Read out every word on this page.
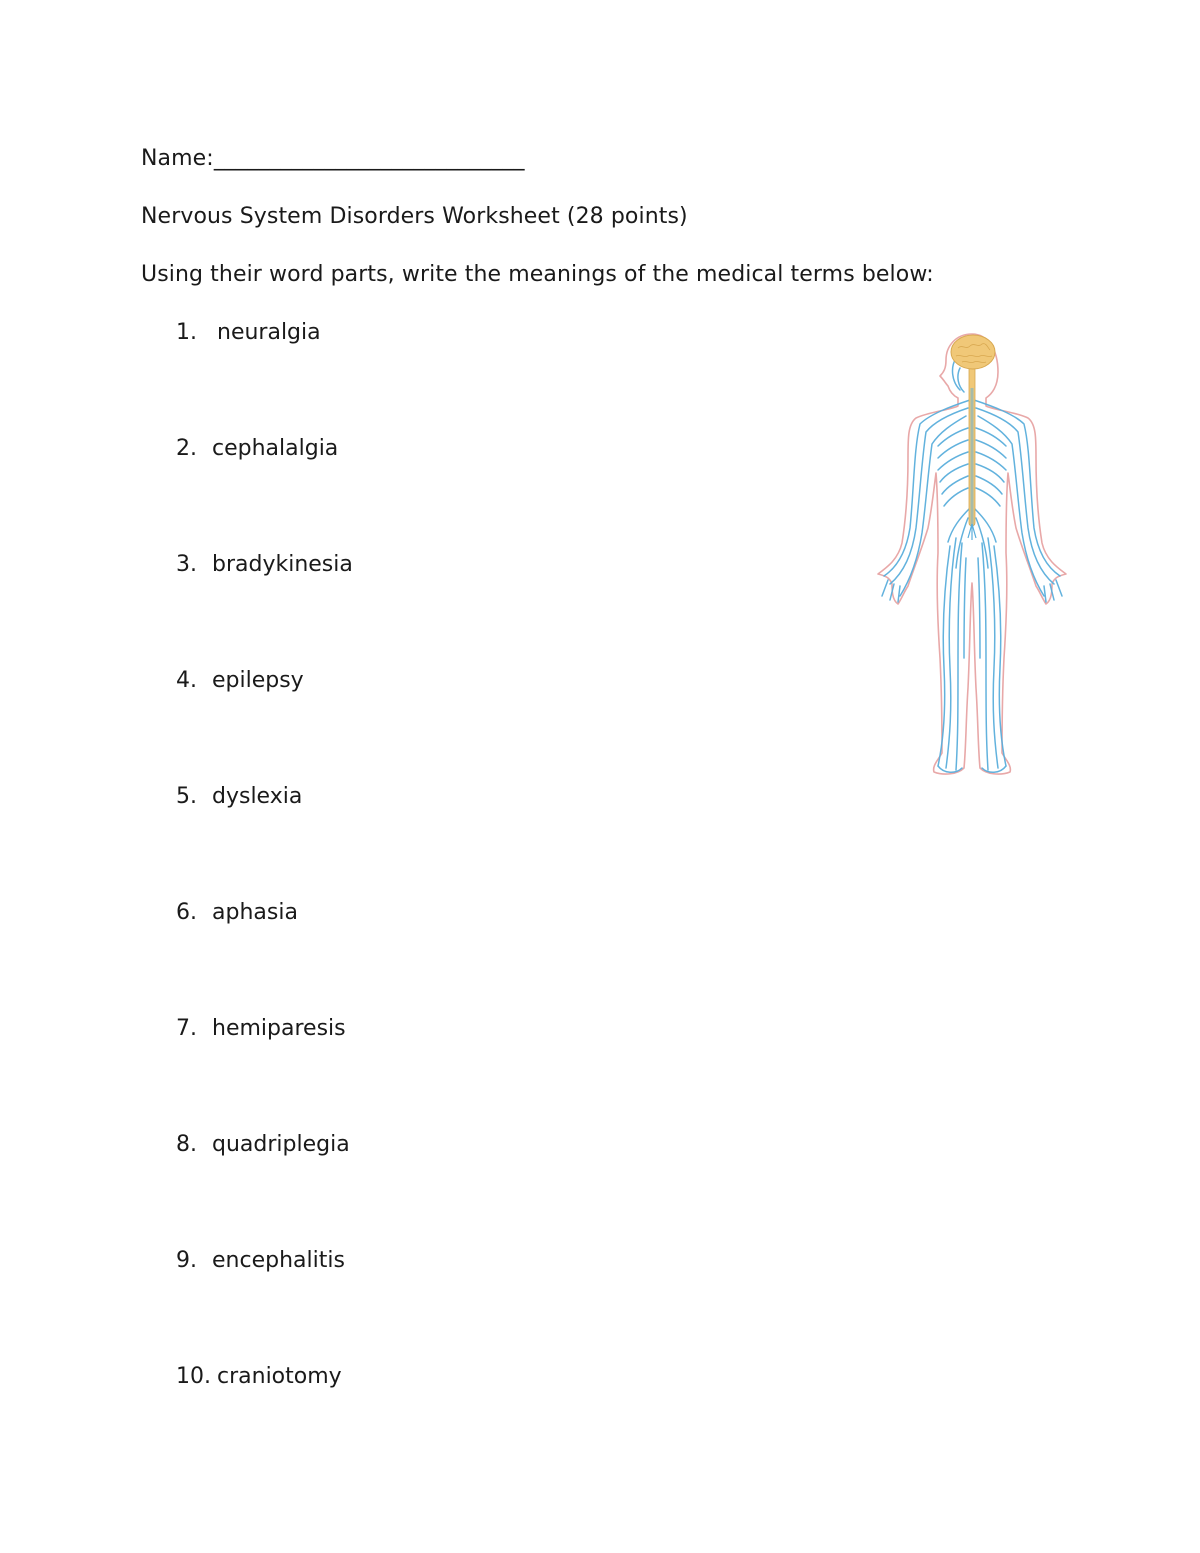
Name:____________________________
Nervous System Disorders Worksheet (28 points)
Using their word parts, write the meanings of the medical terms below:
1. neuralgia
2. cephalalgia
3. bradykinesia
4. epilepsy
5. dyslexia
6. aphasia
7. hemiparesis
8. quadriplegia
9. encephalitis
10. craniotomy
